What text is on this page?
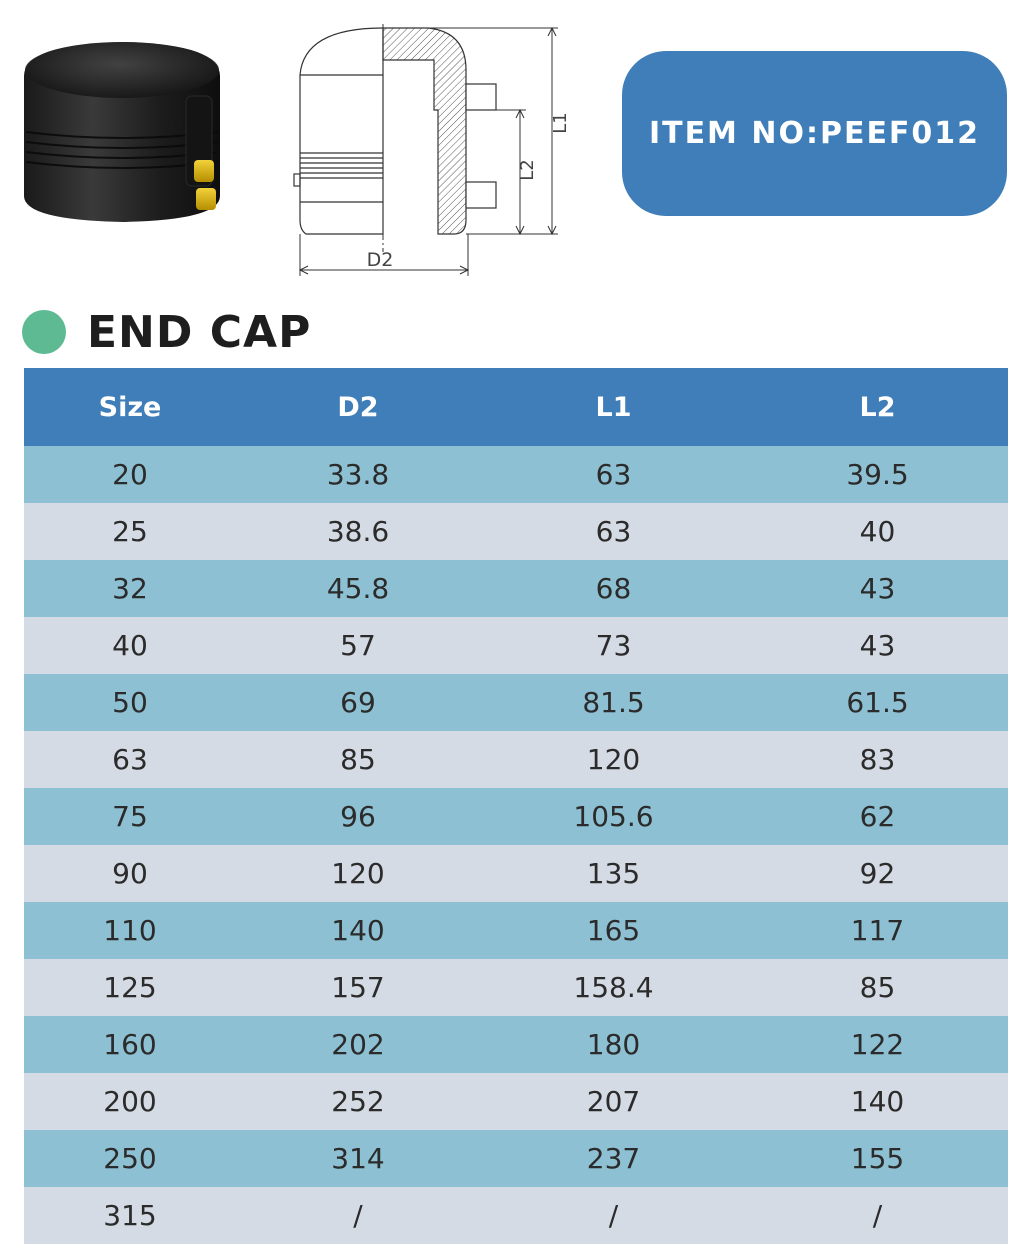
L1
L2
D2
ITEM NO:PEEF012
END CAP
Size	D2	L1	L2
20	33.8	63	39.5
25	38.6	63	40
32	45.8	68	43
40	57	73	43
50	69	81.5	61.5
63	85	120	83
75	96	105.6	62
90	120	135	92
110	140	165	117
125	157	158.4	85
160	202	180	122
200	252	207	140
250	314	237	155
315	/	/	/
